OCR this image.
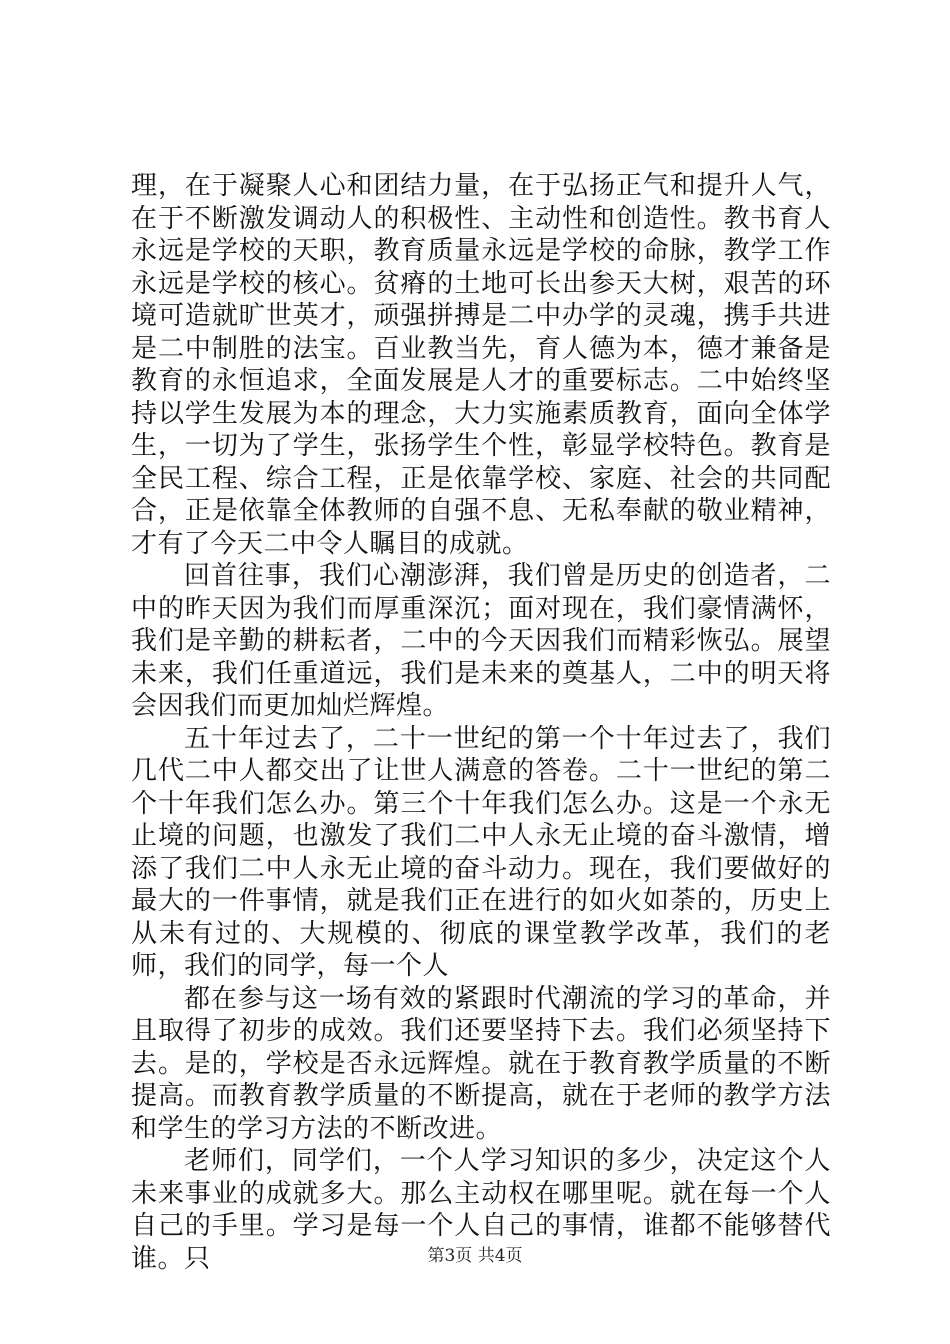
理，在于凝聚人心和团结力量，在于弘扬正气和提升人气，在于不断激发调动人的积极性、主动性和创造性。教书育人永远是学校的天职，教育质量永远是学校的命脉，教学工作永远是学校的核心。贫瘠的土地可长出参天大树，艰苦的环境可造就旷世英才，顽强拼搏是二中办学的灵魂，携手共进是二中制胜的法宝。百业教当先，育人德为本，德才兼备是教育的永恒追求，全面发展是人才的重要标志。二中始终坚持以学生发展为本的理念，大力实施素质教育，面向全体学生，一切为了学生，张扬学生个性，彰显学校特色。教育是全民工程、综合工程，正是依靠学校、家庭、社会的共同配合，正是依靠全体教师的自强不息、无私奉献的敬业精神，才有了今天二中令人瞩目的成就。

回首往事，我们心潮澎湃，我们曾是历史的创造者，二中的昨天因为我们而厚重深沉；面对现在，我们豪情满怀，我们是辛勤的耕耘者，二中的今天因我们而精彩恢弘。展望未来，我们任重道远，我们是未来的奠基人，二中的明天将会因我们而更加灿烂辉煌。

五十年过去了，二十一世纪的第一个十年过去了，我们几代二中人都交出了让世人满意的答卷。二十一世纪的第二个十年我们怎么办。第三个十年我们怎么办。这是一个永无止境的问题，也激发了我们二中人永无止境的奋斗激情，增添了我们二中人永无止境的奋斗动力。现在，我们要做好的最大的一件事情，就是我们正在进行的如火如荼的，历史上从未有过的、大规模的、彻底的课堂教学改革，我们的老师，我们的同学，每一个人

都在参与这一场有效的紧跟时代潮流的学习的革命，并且取得了初步的成效。我们还要坚持下去。我们必须坚持下去。是的，学校是否永远辉煌。就在于教育教学质量的不断提高。而教育教学质量的不断提高，就在于老师的教学方法和学生的学习方法的不断改进。

老师们，同学们，一个人学习知识的多少，决定这个人未来事业的成就多大。那么主动权在哪里呢。就在每一个人自己的手里。学习是每一个人自己的事情，谁都不能够替代谁。只	第3页 共4页
